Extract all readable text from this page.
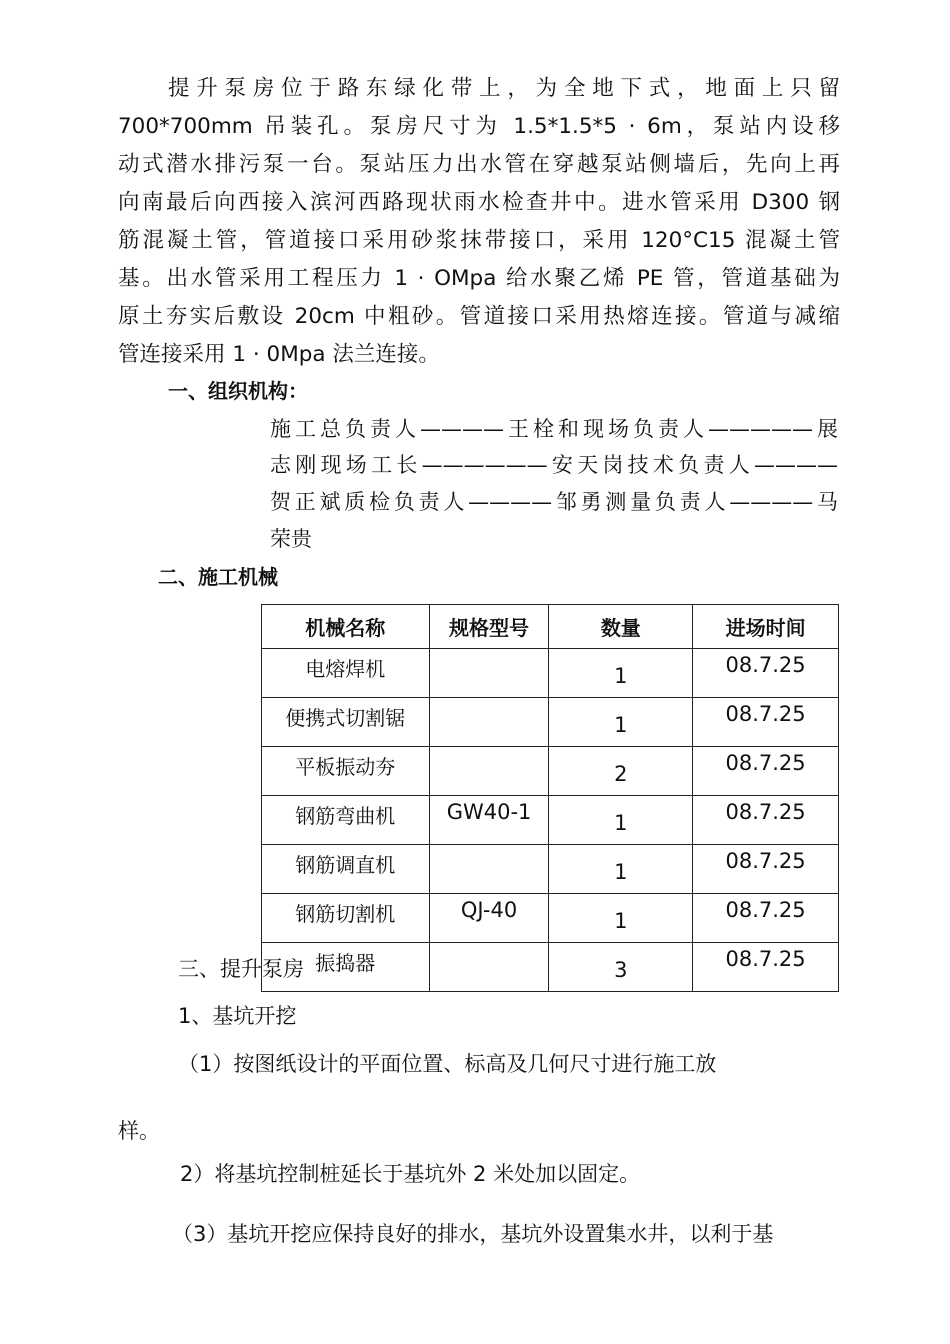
提升泵房位于路东绿化带上，为全地下式，地面上只留
700*700mm 吊装孔。泵房尺寸为 1.5*1.5*5 · 6m，泵站内设移
动式潜水排污泵一台。泵站压力出水管在穿越泵站侧墙后，先向上再
向南最后向西接入滨河西路现状雨水检查井中。进水管采用 D300 钢
筋混凝土管，管道接口采用砂浆抹带接口，采用 120°C15 混凝土管
基。出水管采用工程压力 1 · OMpa 给水聚乙烯 PE 管，管道基础为
原土夯实后敷设 20cm 中粗砂。管道接口采用热熔连接。管道与减缩
管连接采用 1 · 0Mpa 法兰连接。
一、组织机构：
施工总负责人————王栓和现场负责人—————展
志刚现场工长——————安天岗技术负责人————
贺正斌质检负责人————邹勇测量负责人————马
荣贵
二、施工机械
机械名称	规格型号	数量	进场时间
电熔焊机		1	08.7.25
便携式切割锯		1	08.7.25
平板振动夯		2	08.7.25
钢筋弯曲机	GW40-1	1	08.7.25
钢筋调直机		1	08.7.25
钢筋切割机	QJ-40	1	08.7.25
振捣器		3	08.7.25
三、提升泵房
1、基坑开挖
（1）按图纸设计的平面位置、标高及几何尺寸进行施工放
样。
2）将基坑控制桩延长于基坑外 2 米处加以固定。
（3）基坑开挖应保持良好的排水，基坑外设置集水井，以利于基
